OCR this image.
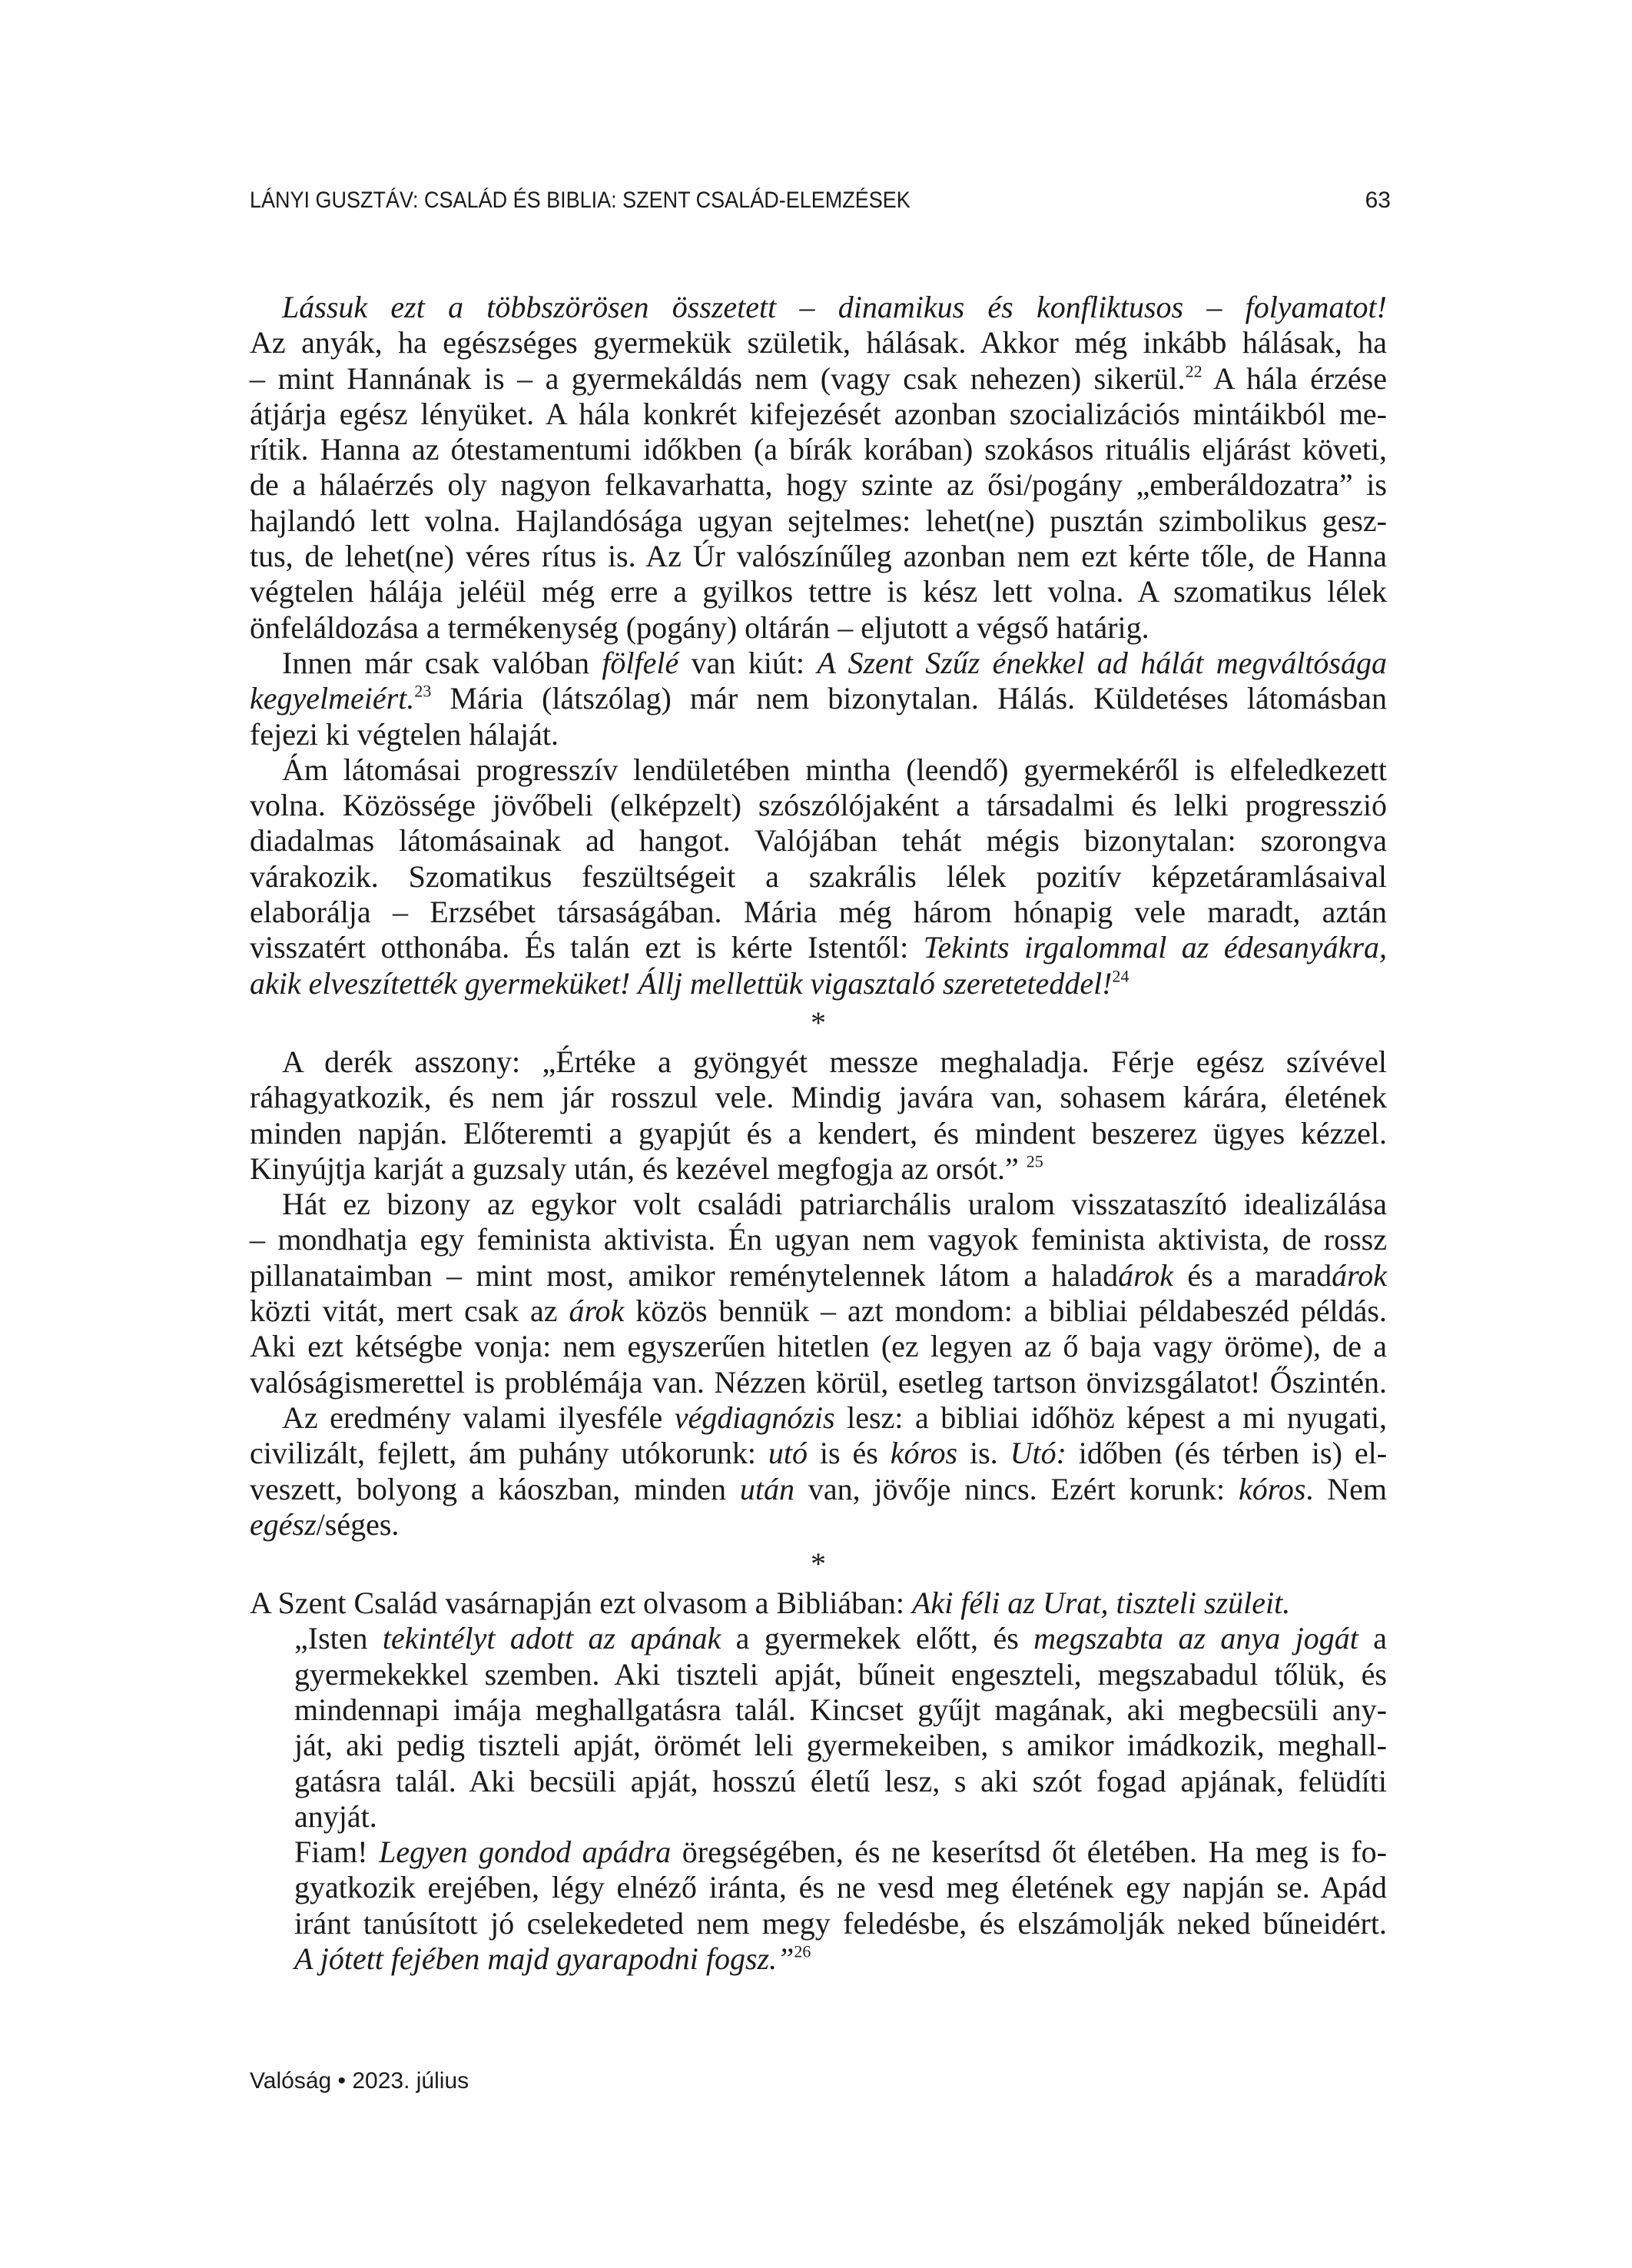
LÁNYI GUSZTÁV: CSALÁD ÉS BIBLIA: SZENT CSALÁD-ELEMZÉSEK	63
Lássuk ezt a többszörösen összetett – dinamikus és konfliktusos – folyamatot!
Az anyák, ha egészséges gyermekük születik, hálásak. Akkor még inkább hálásak, ha
– mint Hannának is – a gyermekáldás nem (vagy csak nehezen) sikerül.$^{22}$ A hála érzése
átjárja egész lényüket. A hála konkrét kifejezését azonban szocializációs mintáikból me-
rítik. Hanna az ótestamentumi időkben (a bírák korában) szokásos rituális eljárást követi,
de a hálaérzés oly nagyon felkavarhatta, hogy szinte az ősi/pogány „emberáldozatra” is
hajlandó lett volna. Hajlandósága ugyan sejtelmes: lehet(ne) pusztán szimbolikus gesz-
tus, de lehet(ne) véres rítus is. Az Úr valószínűleg azonban nem ezt kérte tőle, de Hanna
végtelen hálája jeléül még erre a gyilkos tettre is kész lett volna. A szomatikus lélek
önfeláldozása a termékenység (pogány) oltárán – eljutott a végső határig.
Innen már csak valóban fölfelé van kiút: A Szent Szűz énekkel ad hálát megváltósága
kegyelmeiért.$^{23}$ Mária (látszólag) már nem bizonytalan. Hálás. Küldetéses látomásban
fejezi ki végtelen hálaját.
Ám látomásai progresszív lendületében mintha (leendő) gyermekéről is elfeledkezett
volna. Közössége jövőbeli (elképzelt) szószólójaként a társadalmi és lelki progresszió
diadalmas látomásainak ad hangot. Valójában tehát mégis bizonytalan: szorongva
várakozik. Szomatikus feszültségeit a szakrális lélek pozitív képzetáramlásaival
elaborálja – Erzsébet társaságában. Mária még három hónapig vele maradt, aztán
visszatért otthonába. És talán ezt is kérte Istentől: Tekints irgalommal az édesanyákra,
akik elveszítették gyermeküket! Állj mellettük vigasztaló szereteteddel!$^{24}$
*
A derék asszony: „Értéke a gyöngyét messze meghaladja. Férje egész szívével
ráhagyatkozik, és nem jár rosszul vele. Mindig javára van, sohasem kárára, életének
minden napján. Előteremti a gyapjút és a kendert, és mindent beszerez ügyes kézzel.
Kinyújtja karját a guzsaly után, és kezével megfogja az orsót.” $^{25}$
Hát ez bizony az egykor volt családi patriarchális uralom visszataszító idealizálása
– mondhatja egy feminista aktivista. Én ugyan nem vagyok feminista aktivista, de rossz
pillanataimban – mint most, amikor reménytelennek látom a haladárok és a maradárok
közti vitát, mert csak az árok közös bennük – azt mondom: a bibliai példabeszéd példás.
Aki ezt kétségbe vonja: nem egyszerűen hitetlen (ez legyen az ő baja vagy öröme), de a
valóságismerettel is problémája van. Nézzen körül, esetleg tartson önvizsgálatot! Őszintén.
Az eredmény valami ilyesféle végdiagnózis lesz: a bibliai időhöz képest a mi nyugati,
civilizált, fejlett, ám puhány utókorunk: utó is és kóros is. Utó: időben (és térben is) el-
veszett, bolyong a káoszban, minden után van, jövője nincs. Ezért korunk: kóros. Nem
egész/séges.
*
A Szent Család vasárnapján ezt olvasom a Bibliában: Aki féli az Urat, tiszteli szüleit.
„Isten tekintélyt adott az apának a gyermekek előtt, és megszabta az anya jogát a
gyermekekkel szemben. Aki tiszteli apját, bűneit engeszteli, megszabadul tőlük, és
mindennapi imája meghallgatásra talál. Kincset gyűjt magának, aki megbecsüli any-
ját, aki pedig tiszteli apját, örömét leli gyermekeiben, s amikor imádkozik, meghall-
gatásra talál. Aki becsüli apját, hosszú életű lesz, s aki szót fogad apjának, felüdíti
anyját.
Fiam! Legyen gondod apádra öregségében, és ne keserítsd őt életében. Ha meg is fo-
gyatkozik erejében, légy elnéző iránta, és ne vesd meg életének egy napján se. Apád
iránt tanúsított jó cselekedeted nem megy feledésbe, és elszámolják neked bűneidért.
A jótett fejében majd gyarapodni fogsz.”$^{26}$
Valóság • 2023. július
